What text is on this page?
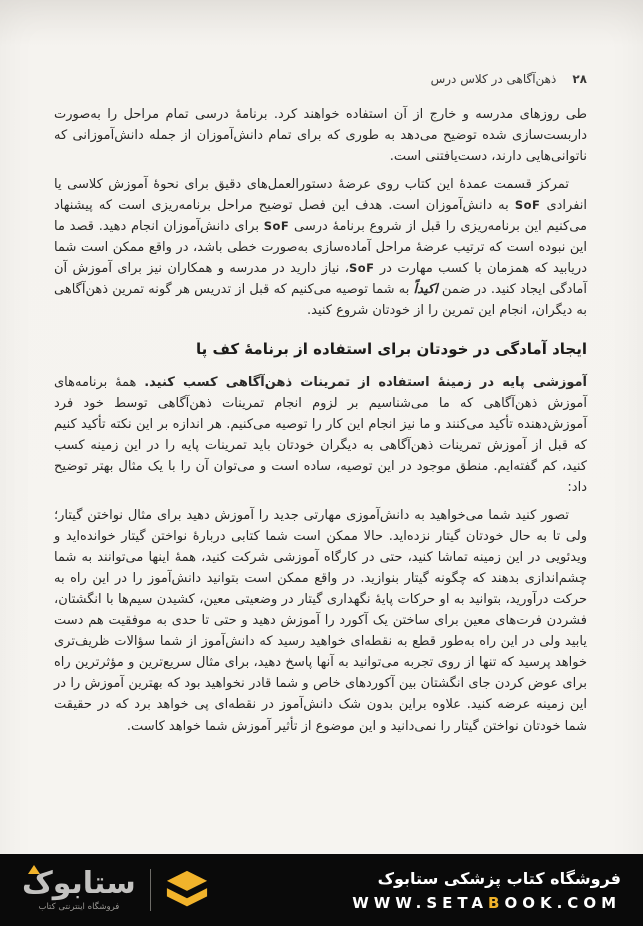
۲۸
ذهن‌آگاهی در کلاس درس

طی روزهای مدرسه و خارج از آن استفاده خواهند کرد. برنامهٔ درسی تمام مراحل را به‌صورت داربست‌سازی شده توضیح می‌دهد به طوری که برای تمام دانش‌آموزان از جمله دانش‌آموزانی که ناتوانی‌هایی دارند، دست‌یافتنی است.

تمرکز قسمت عمدهٔ این کتاب روی عرضهٔ دستورالعمل‌های دقیق برای نحوهٔ آموزش کلاسی یا انفرادی SoF به دانش‌آموزان است. هدف این فصل توضیح مراحل برنامه‌ریزی است که پیشنهاد می‌کنیم این برنامه‌ریزی را قبل از شروع برنامهٔ درسی SoF برای دانش‌آموزان انجام دهید. قصد ما این نبوده است که ترتیب عرضهٔ مراحل آماده‌سازی به‌صورت خطی باشد، در واقع ممکن است شما دریابید که همزمان با کسب مهارت در SoF، نیاز دارید در مدرسه و همکاران نیز برای آموزش آن آمادگی ایجاد کنید. در ضمن اکیداً به شما توصیه می‌کنیم که قبل از تدریس هر گونه تمرین ذهن‌آگاهی به دیگران، انجام این تمرین را از خودتان شروع کنید.

ایجاد آمادگی در خودتان برای استفاده از برنامهٔ کف پا

آموزشی پایه در زمینهٔ استفاده از تمرینات ذهن‌آگاهی کسب کنید. همهٔ برنامه‌های آموزش ذهن‌آگاهی که ما می‌شناسیم بر لزوم انجام تمرینات ذهن‌آگاهی توسط خود فرد آموزش‌دهنده تأکید می‌کنند و ما نیز انجام این کار را توصیه می‌کنیم. هر اندازه بر این نکته تأکید کنیم که قبل از آموزش تمرینات ذهن‌آگاهی به دیگران خودتان باید تمرینات پایه را در این زمینه کسب کنید، کم گفته‌ایم. منطق موجود در این توصیه، ساده است و می‌توان آن را با یک مثال بهتر توضیح داد:

تصور کنید شما می‌خواهید به دانش‌آموزی مهارتی جدید را آموزش دهید برای مثال نواختن گیتار؛ ولی تا به حال خودتان گیتار نزده‌اید. حالا ممکن است شما کتابی دربارهٔ نواختن گیتار خوانده‌اید و ویدئویی در این زمینه تماشا کنید، حتی در کارگاه آموزشی شرکت کنید، همهٔ اینها می‌توانند به شما چشم‌اندازی بدهند که چگونه گیتار بنوازید. در واقع ممکن است بتوانید دانش‌آموز را در این راه به حرکت درآورید، بتوانید به او حرکات پایهٔ نگهداری گیتار در وضعیتی معین، کشیدن سیم‌ها با انگشتان، فشردن فرت‌های معین برای ساختن یک آکورد را آموزش دهید و حتی تا حدی به موفقیت هم دست یابید ولی در این راه به‌طور قطع به نقطه‌ای خواهید رسید که دانش‌آموز از شما سؤالات ظریف‌تری خواهد پرسید که تنها از روی تجربه می‌توانید به آنها پاسخ دهید، برای مثال سریع‌ترین و مؤثرترین راه برای عوض کردن جای انگشتان بین آکوردهای خاص و شما قادر نخواهید بود که بهترین آموزش را در این زمینه عرضه کنید. علاوه براین بدون شک دانش‌آموز در نقطه‌ای پی خواهد برد که در حقیقت شما خودتان نواختن گیتار را نمی‌دانید و این موضوع از تأثیر آموزش شما خواهد کاست.

ستابوک
فروشگاه اینترنتی کتاب
فروشگاه کتاب پزشکی ستابوک
WWW.SETABOOK.COM
